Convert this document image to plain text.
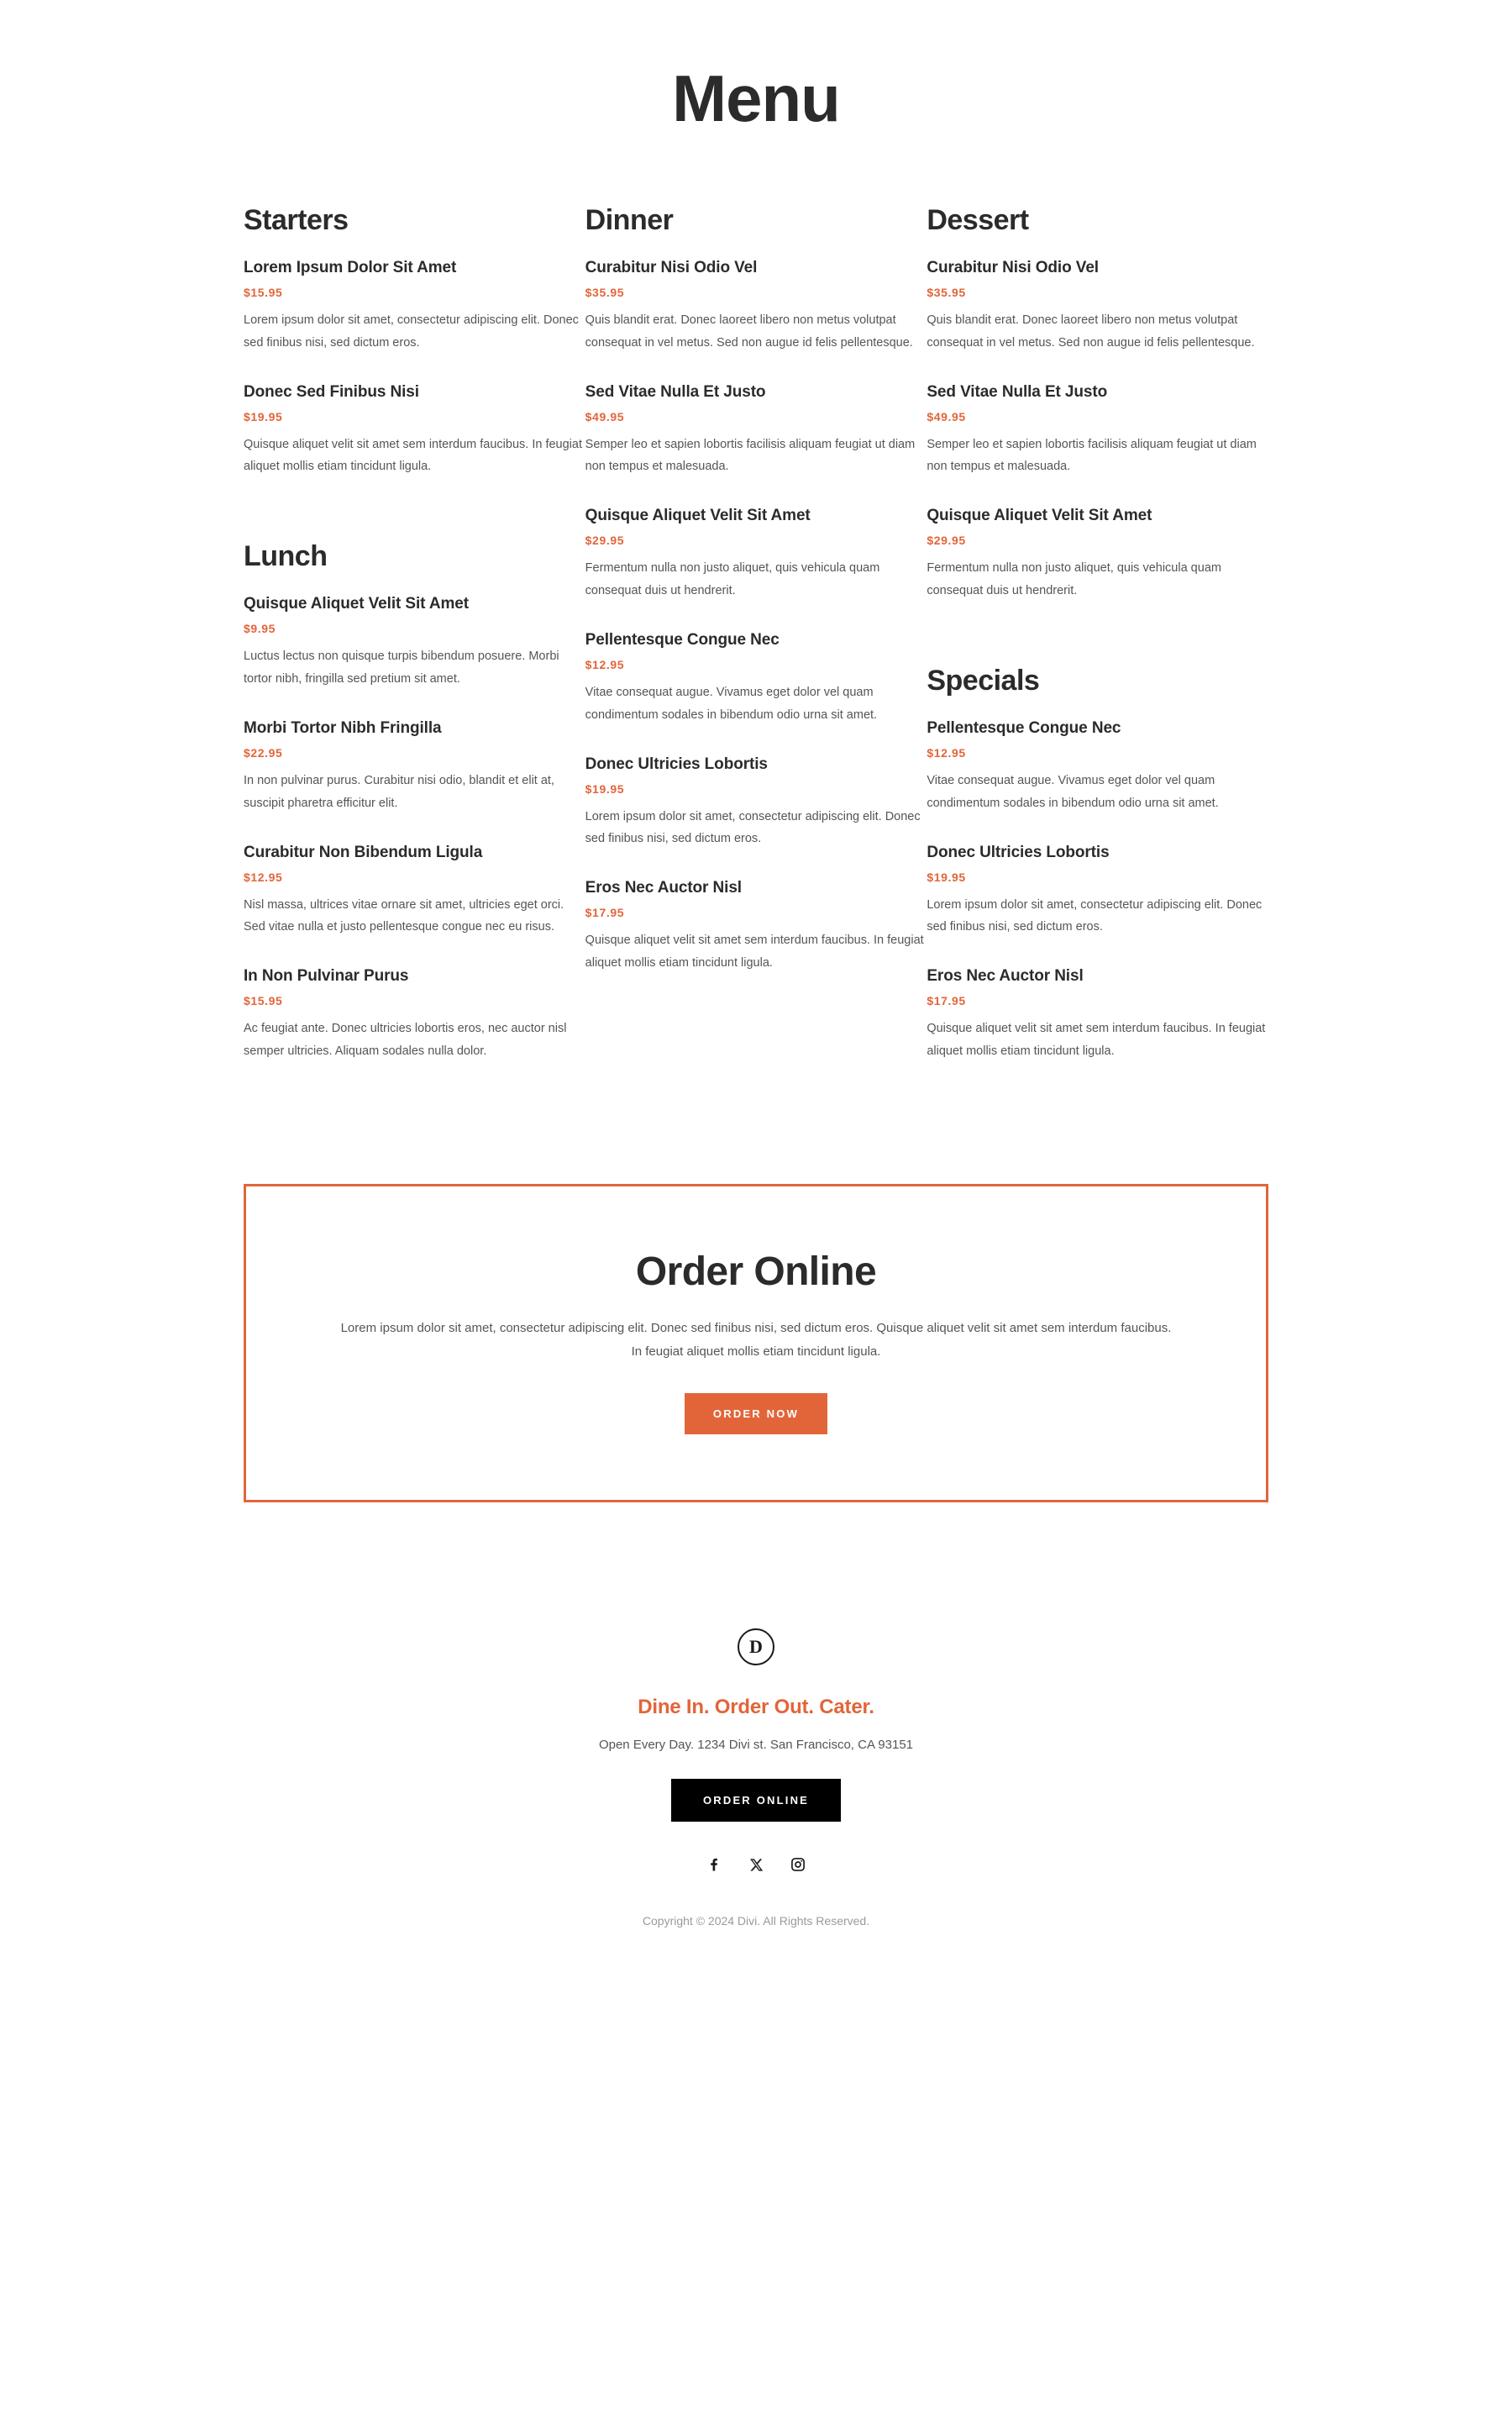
Menu
Starters
Lorem Ipsum Dolor Sit Amet
$15.95
Lorem ipsum dolor sit amet, consectetur adipiscing elit. Donec sed finibus nisi, sed dictum eros.
Donec Sed Finibus Nisi
$19.95
Quisque aliquet velit sit amet sem interdum faucibus. In feugiat aliquet mollis etiam tincidunt ligula.
Lunch
Quisque Aliquet Velit Sit Amet
$9.95
Luctus lectus non quisque turpis bibendum posuere. Morbi tortor nibh, fringilla sed pretium sit amet.
Morbi Tortor Nibh Fringilla
$22.95
In non pulvinar purus. Curabitur nisi odio, blandit et elit at, suscipit pharetra efficitur elit.
Curabitur Non Bibendum Ligula
$12.95
Nisl massa, ultrices vitae ornare sit amet, ultricies eget orci. Sed vitae nulla et justo pellentesque congue nec eu risus.
In Non Pulvinar Purus
$15.95
Ac feugiat ante. Donec ultricies lobortis eros, nec auctor nisl semper ultricies. Aliquam sodales nulla dolor.
Dinner
Curabitur Nisi Odio Vel
$35.95
Quis blandit erat. Donec laoreet libero non metus volutpat consequat in vel metus. Sed non augue id felis pellentesque.
Sed Vitae Nulla Et Justo
$49.95
Semper leo et sapien lobortis facilisis aliquam feugiat ut diam non tempus et malesuada.
Quisque Aliquet Velit Sit Amet
$29.95
Fermentum nulla non justo aliquet, quis vehicula quam consequat duis ut hendrerit.
Pellentesque Congue Nec
$12.95
Vitae consequat augue. Vivamus eget dolor vel quam condimentum sodales in bibendum odio urna sit amet.
Donec Ultricies Lobortis
$19.95
Lorem ipsum dolor sit amet, consectetur adipiscing elit. Donec sed finibus nisi, sed dictum eros.
Eros Nec Auctor Nisl
$17.95
Quisque aliquet velit sit amet sem interdum faucibus. In feugiat aliquet mollis etiam tincidunt ligula.
Dessert
Curabitur Nisi Odio Vel
$35.95
Quis blandit erat. Donec laoreet libero non metus volutpat consequat in vel metus. Sed non augue id felis pellentesque.
Sed Vitae Nulla Et Justo
$49.95
Semper leo et sapien lobortis facilisis aliquam feugiat ut diam non tempus et malesuada.
Quisque Aliquet Velit Sit Amet
$29.95
Fermentum nulla non justo aliquet, quis vehicula quam consequat duis ut hendrerit.
Specials
Pellentesque Congue Nec
$12.95
Vitae consequat augue. Vivamus eget dolor vel quam condimentum sodales in bibendum odio urna sit amet.
Donec Ultricies Lobortis
$19.95
Lorem ipsum dolor sit amet, consectetur adipiscing elit. Donec sed finibus nisi, sed dictum eros.
Eros Nec Auctor Nisl
$17.95
Quisque aliquet velit sit amet sem interdum faucibus. In feugiat aliquet mollis etiam tincidunt ligula.
Order Online
Lorem ipsum dolor sit amet, consectetur adipiscing elit. Donec sed finibus nisi, sed dictum eros. Quisque aliquet velit sit amet sem interdum faucibus. In feugiat aliquet mollis etiam tincidunt ligula.
ORDER NOW
D
Dine In. Order Out. Cater.
Open Every Day. 1234 Divi st. San Francisco, CA 93151
ORDER ONLINE
Copyright © 2024 Divi. All Rights Reserved.
